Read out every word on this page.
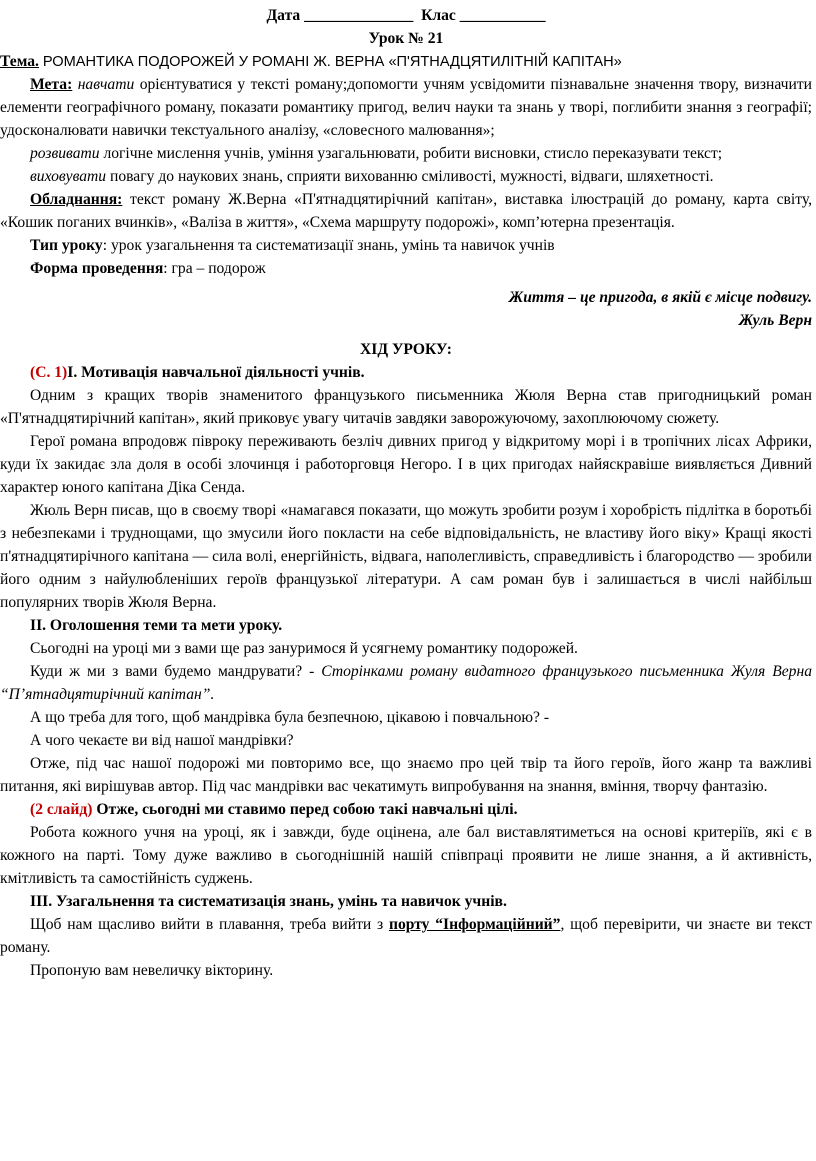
Дата ______________ Клас ___________
Урок № 21
Тема. РОМАНТИКА ПОДОРОЖЕЙ У РОМАНІ Ж. ВЕРНА «П'ЯТНАДЦЯТИЛІТНІЙ КАПІТАН»

Мета: навчати орієнтуватися у тексті роману;допомогти учням усвідомити пізнавальне значення твору, визначити елементи географічного роману, показати романтику пригод, велич науки та знань у творі, поглибити знання з географії; удосконалювати навички текстуального аналізу, «словесного малювання»;

розвивати логічне мислення учнів, уміння узагальнювати, робити висновки, стисло переказувати текст;

виховувати повагу до наукових знань, сприяти вихованню сміливості, мужності, відваги, шляхетності.

Обладнання: текст роману Ж.Верна «П'ятнадцятирічний капітан», виставка ілюстрацій до роману, карта світу, «Кошик поганих вчинків», «Валіза в життя», «Схема маршруту подорожі», комп’ютерна презентація.

Тип уроку: урок узагальнення та систематизації знань, умінь та навичок учнів
Форма проведення: гра – подорож
Життя – це пригода, в якій є місце подвигу.
Жуль Верн
ХІД УРОКУ:
(С. 1)І. Мотивація навчальної діяльності учнів.

Одним з кращих творів знаменитого французького письменника Жюля Верна став пригодницький роман «П'ятнадцятирічний капітан», який приковує увагу читачів завдяки заворожуючому, захоплюючому сюжету.

Герої романа впродовж півроку переживають безліч дивних пригод у відкритому морі і в тропічних лісах Африки, куди їх закидає зла доля в особі злочинця і работорговця Негоро. І в цих пригодах найяскравіше виявляється Дивний характер юного капітана Діка Сенда.

Жюль Верн писав, що в своєму творі «намагався показати, що можуть зробити розум і хоробрість підлітка в боротьбі з небезпеками і труднощами, що змусили його покласти на себе відповідальність, не властиву його віку» Кращі якості п'ятнадцятирічного капітана — сила волі, енергійність, відвага, наполегливість, справедливість і благородство — зробили його одним з найулюбленіших героїв французької літератури. А сам роман був і залишається в числі найбільш популярних творів Жюля Верна.

ІІ. Оголошення теми та мети уроку.

Сьогодні на уроці ми з вами ще раз зануримося й усягнему романтику подорожей.

Куди ж ми з вами будемо мандрувати? - Сторінками роману видатного французького письменника Жуля Верна “П’ятнадцятирічний капітан”.

А що треба для того, щоб мандрівка була безпечною, цікавою і повчальною? -

А чого чекаєте ви від нашої мандрівки?

Отже, під час нашої подорожі ми повторимо все, що знаємо про цей твір та його героїв, його жанр та важливі питання, які вирішував автор. Під час мандрівки вас чекатимуть випробування на знання, вміння, творчу фантазію.

(2 слайд) Отже, сьогодні ми ставимо перед собою такі навчальні цілі.

Робота кожного учня на уроці, як і завжди, буде оцінена, але бал виставлятиметься на основі критеріїв, які є в кожного на парті. Тому дуже важливо в сьогоднішній нашій співпраці проявити не лише знання, а й активність, кмітливість та самостійність суджень.

ІІІ. Узагальнення та систематизація знань, умінь та навичок учнів.

Щоб нам щасливо вийти в плавання, треба вийти з порту “Інформаційний”, щоб перевірити, чи знаєте ви текст роману.

Пропоную вам невеличку вікторину.
